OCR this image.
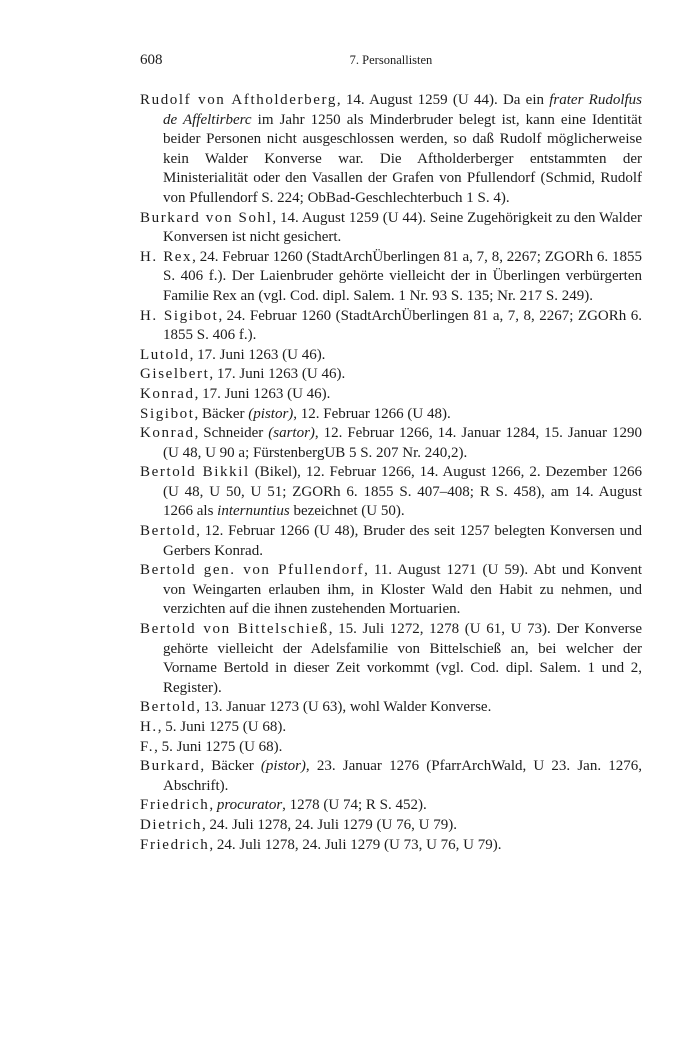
608	7. Personallisten

Rudolf von Aftholderberg, 14. August 1259 (U 44). Da ein frater Rudolfus de Affeltirberc im Jahr 1250 als Minderbruder belegt ist, kann eine Identität beider Personen nicht ausgeschlossen werden, so daß Rudolf möglicherweise kein Walder Konverse war. Die Aftholderberger entstammten der Ministerialität oder den Vasallen der Grafen von Pfullendorf (Schmid, Rudolf von Pfullendorf S. 224; ObBad-Geschlechterbuch 1 S. 4).

Burkard von Sohl, 14. August 1259 (U 44). Seine Zugehörigkeit zu den Walder Konversen ist nicht gesichert.

H. Rex, 24. Februar 1260 (StadtArchÜberlingen 81 a, 7, 8, 2267; ZGORh 6. 1855 S. 406 f.). Der Laienbruder gehörte vielleicht der in Überlingen verbürgerten Familie Rex an (vgl. Cod. dipl. Salem. 1 Nr. 93 S. 135; Nr. 217 S. 249).

H. Sigibot, 24. Februar 1260 (StadtArchÜberlingen 81 a, 7, 8, 2267; ZGORh 6. 1855 S. 406 f.).

Lutold, 17. Juni 1263 (U 46).

Giselbert, 17. Juni 1263 (U 46).

Konrad, 17. Juni 1263 (U 46).

Sigibot, Bäcker (pistor), 12. Februar 1266 (U 48).

Konrad, Schneider (sartor), 12. Februar 1266, 14. Januar 1284, 15. Januar 1290 (U 48, U 90 a; FürstenbergUB 5 S. 207 Nr. 240,2).

Bertold Bikkil (Bikel), 12. Februar 1266, 14. August 1266, 2. Dezember 1266 (U 48, U 50, U 51; ZGORh 6. 1855 S. 407–408; R S. 458), am 14. August 1266 als internuntius bezeichnet (U 50).

Bertold, 12. Februar 1266 (U 48), Bruder des seit 1257 belegten Konversen und Gerbers Konrad.

Bertold gen. von Pfullendorf, 11. August 1271 (U 59). Abt und Konvent von Weingarten erlauben ihm, in Kloster Wald den Habit zu nehmen, und verzichten auf die ihnen zustehenden Mortuarien.

Bertold von Bittelschieß, 15. Juli 1272, 1278 (U 61, U 73). Der Konverse gehörte vielleicht der Adelsfamilie von Bittelschieß an, bei welcher der Vorname Bertold in dieser Zeit vorkommt (vgl. Cod. dipl. Salem. 1 und 2, Register).

Bertold, 13. Januar 1273 (U 63), wohl Walder Konverse.

H., 5. Juni 1275 (U 68).

F., 5. Juni 1275 (U 68).

Burkard, Bäcker (pistor), 23. Januar 1276 (PfarrArchWald, U 23. Jan. 1276, Abschrift).

Friedrich, procurator, 1278 (U 74; R S. 452).

Dietrich, 24. Juli 1278, 24. Juli 1279 (U 76, U 79).

Friedrich, 24. Juli 1278, 24. Juli 1279 (U 73, U 76, U 79).
